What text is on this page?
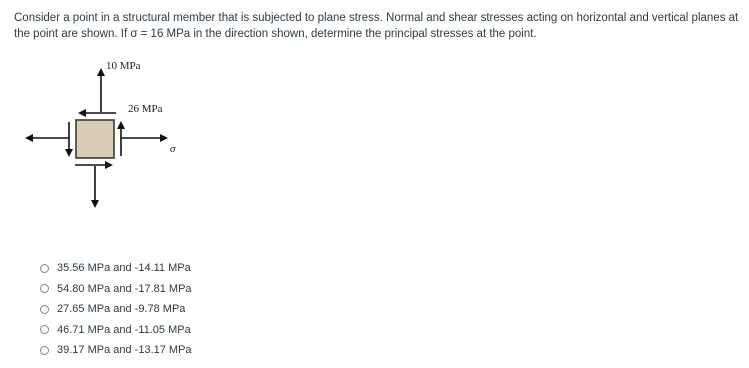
Consider a point in a structural member that is subjected to plane stress. Normal and shear stresses acting on horizontal and vertical planes at the point are shown. If σ = 16 MPa in the direction shown, determine the principal stresses at the point.

10 MPa
26 MPa
σ
35.56 MPa and -14.11 MPa
54.80 MPa and -17.81 MPa
27.65 MPa and -9.78 MPa
46.71 MPa and -11.05 MPa
39.17 MPa and -13.17 MPa
